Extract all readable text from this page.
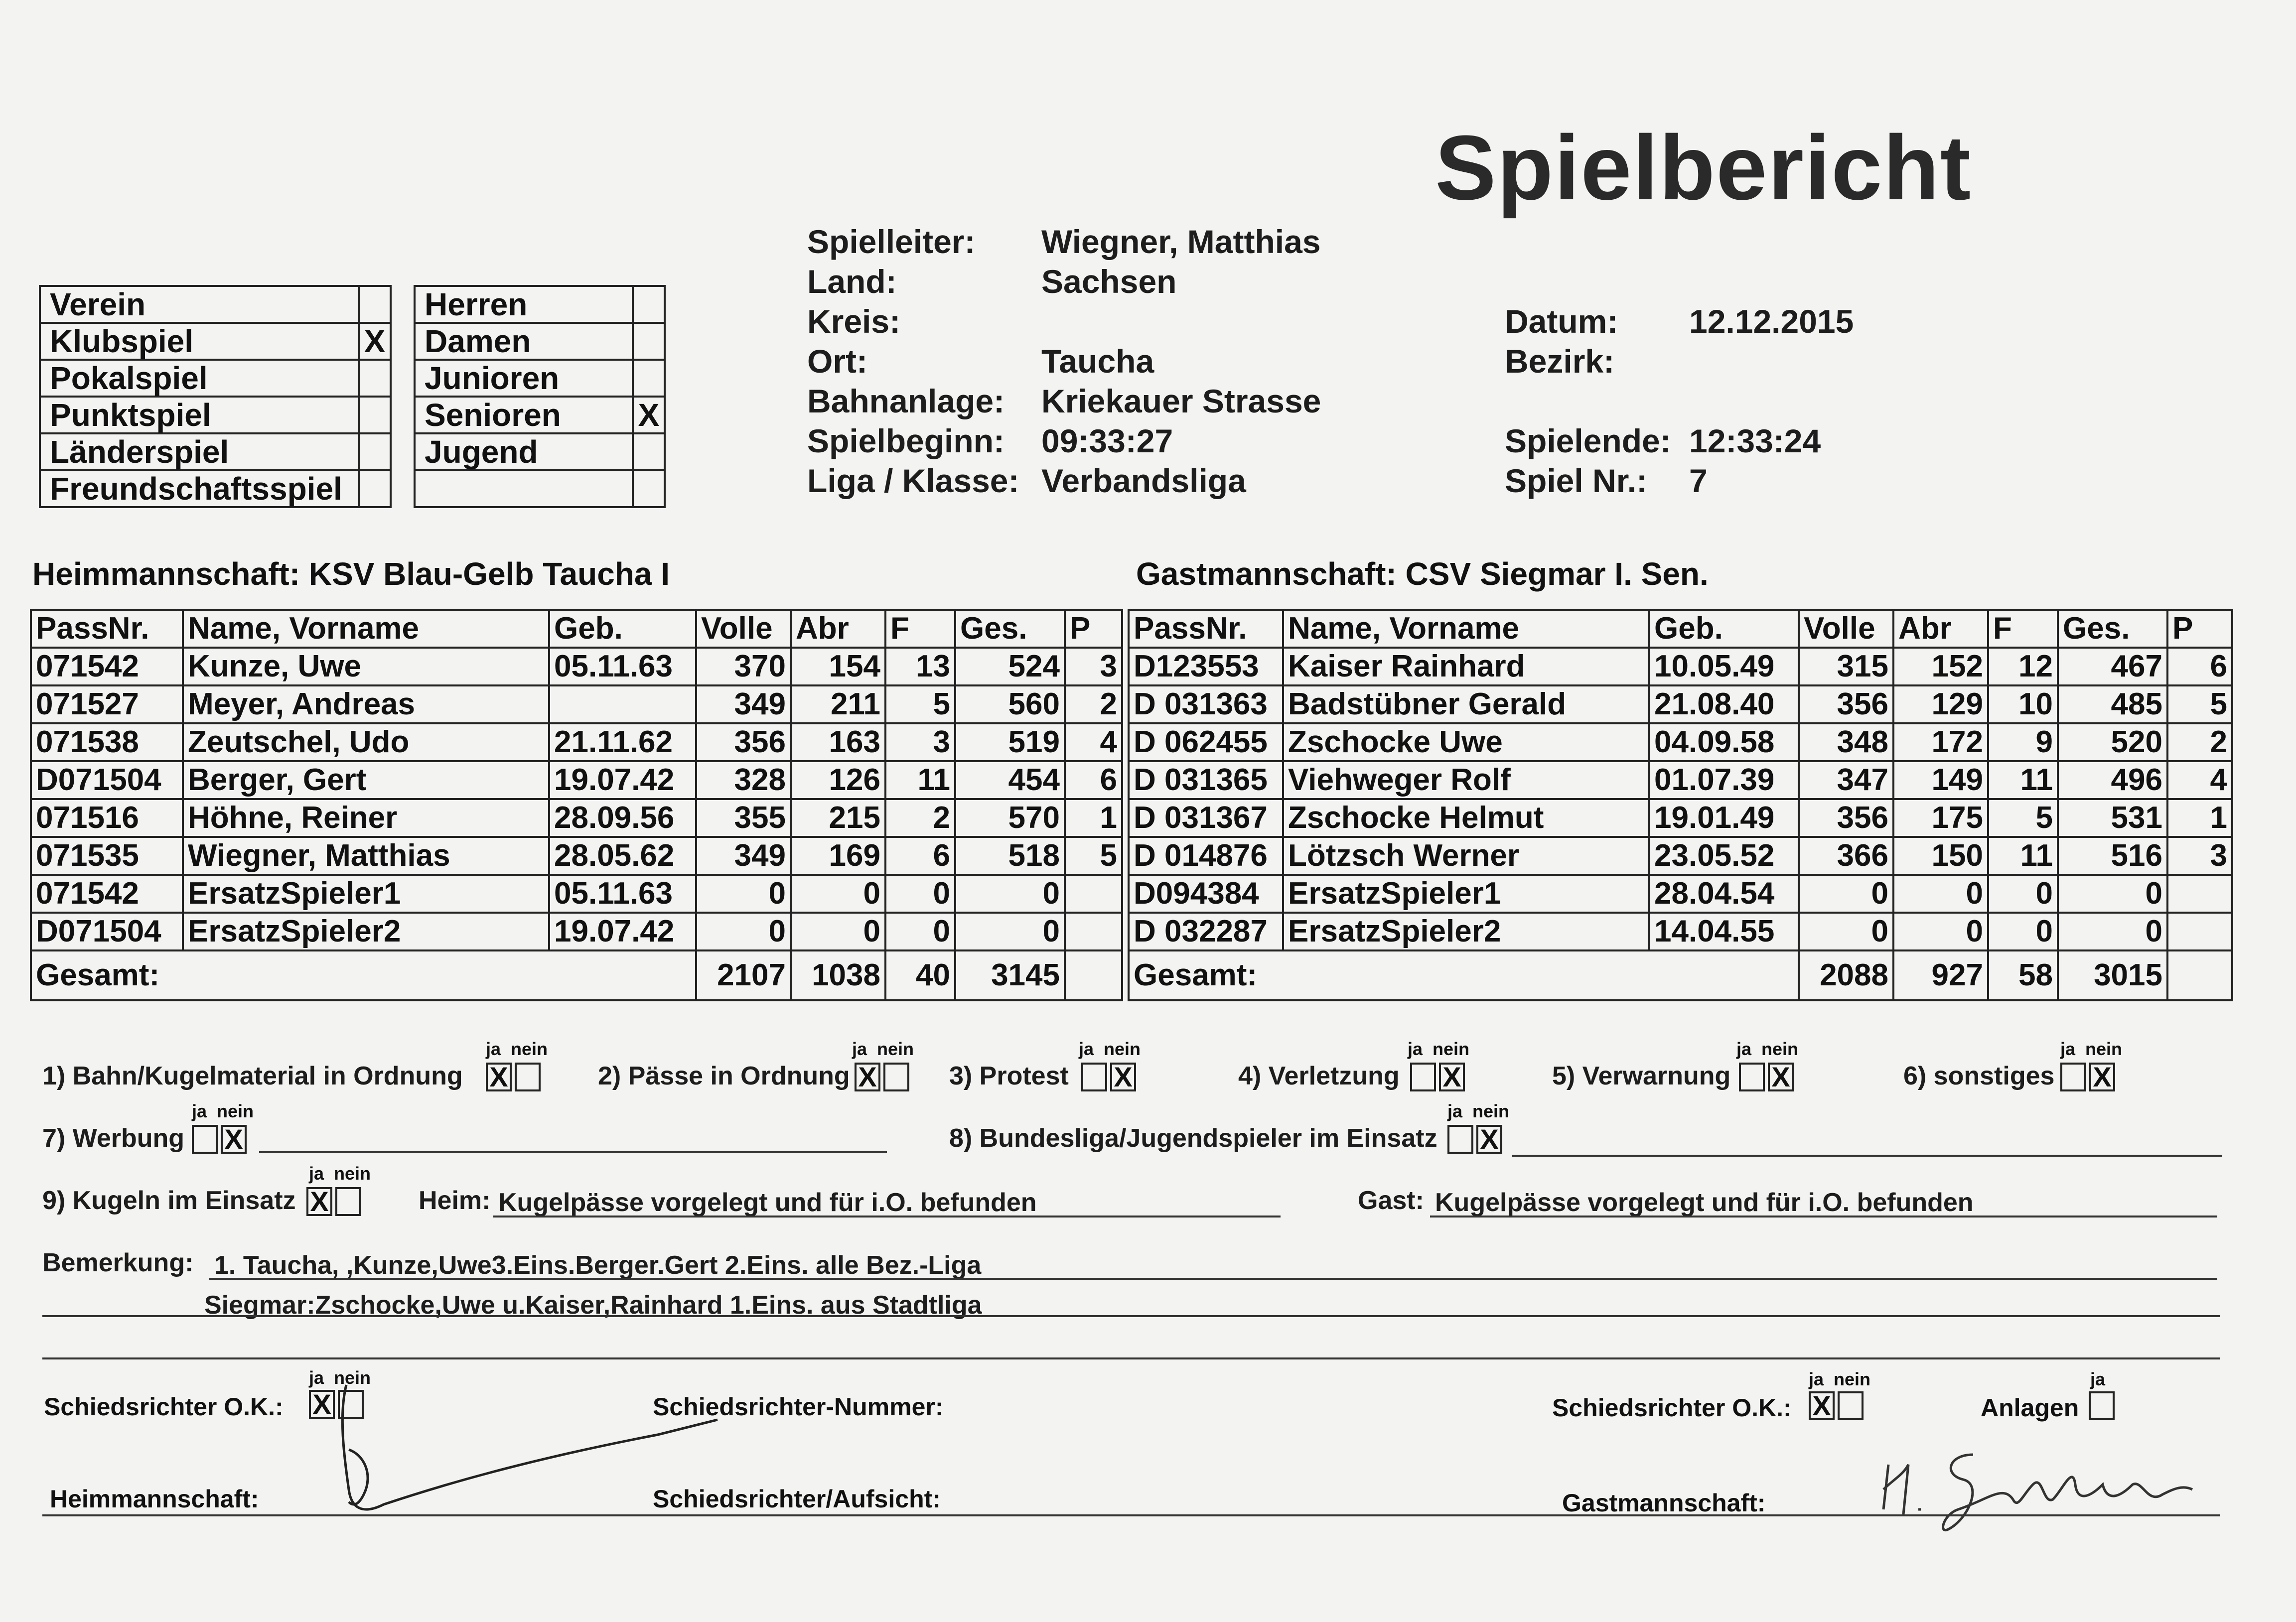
Spielbericht
Spielleiter: Wiegner, Matthias
Land:	Sachsen
Kreis:
Ort:	Taucha
Bahnanlage: Kriekauer Strasse
Spielbeginn: 09:33:27
Liga / Klasse: Verbandsliga
Datum: 12.12.2015
Bezirk:
Spielende: 12:33:24
Spiel Nr.: 7
Verein	
Klubspiel	X
Pokalspiel	
Punktspiel	
Länderspiel	
Freundschaftsspiel	
Herren	
Damen	
Junioren	
Senioren	X
Jugend	

Heimmannschaft: KSV Blau-Gelb Taucha I	Gastmannschaft: CSV Siegmar I. Sen.
PassNr.	Name, Vorname	Geb.	Volle	Abr	F	Ges.	P
071542	Kunze, Uwe	05.11.63	370	154	13	524	3
071527	Meyer, Andreas		349	211	5	560	2
071538	Zeutschel, Udo	21.11.62	356	163	3	519	4
D071504	Berger, Gert	19.07.42	328	126	11	454	6
071516	Höhne, Reiner	28.09.56	355	215	2	570	1
071535	Wiegner, Matthias	28.05.62	349	169	6	518	5
071542	ErsatzSpieler1	05.11.63	0	0	0	0	
D071504	ErsatzSpieler2	19.07.42	0	0	0	0	
Gesamt:			2107	1038	40	3145	
PassNr.	Name, Vorname	Geb.	Volle	Abr	F	Ges.	P
D123553	Kaiser Rainhard	10.05.49	315	152	12	467	6
D 031363	Badstübner Gerald	21.08.40	356	129	10	485	5
D 062455	Zschocke Uwe	04.09.58	348	172	9	520	2
D 031365	Viehweger Rolf	01.07.39	347	149	11	496	4
D 031367	Zschocke Helmut	19.01.49	356	175	5	531	1
D 014876	Lötzsch Werner	23.05.52	366	150	11	516	3
D094384	ErsatzSpieler1	28.04.54	0	0	0	0	
D 032287	ErsatzSpieler2	14.04.55	0	0	0	0	
Gesamt:			2088	927	58	3015	
ja nein
1) Bahn/Kugelmaterial in Ordnung X
ja nein
2) Pässe in Ordnung X
ja nein
3) Protest X
ja nein
4) Verletzung X
ja nein
5) Verwarnung X
ja nein
6) sonstiges X
ja nein
7) Werbung X
ja nein
8) Bundesliga/Jugendspieler im Einsatz X
ja nein
9) Kugeln im Einsatz X	Heim: Kugelpässe vorgelegt und für i.O. befunden	Gast: Kugelpässe vorgelegt und für i.O. befunden
Bemerkung: 1. Taucha, ,Kunze,Uwe3.Eins.Berger.Gert 2.Eins. alle Bez.-Liga
Siegmar:Zschocke,Uwe u.Kaiser,Rainhard 1.Eins. aus Stadtliga
ja nein
Schiedsrichter O.K.: X	Schiedsrichter-Nummer:
ja nein
Schiedsrichter O.K.: X
ja
Anlagen
Heimmannschaft:	Schiedsrichter/Aufsicht:	Gastmannschaft:
